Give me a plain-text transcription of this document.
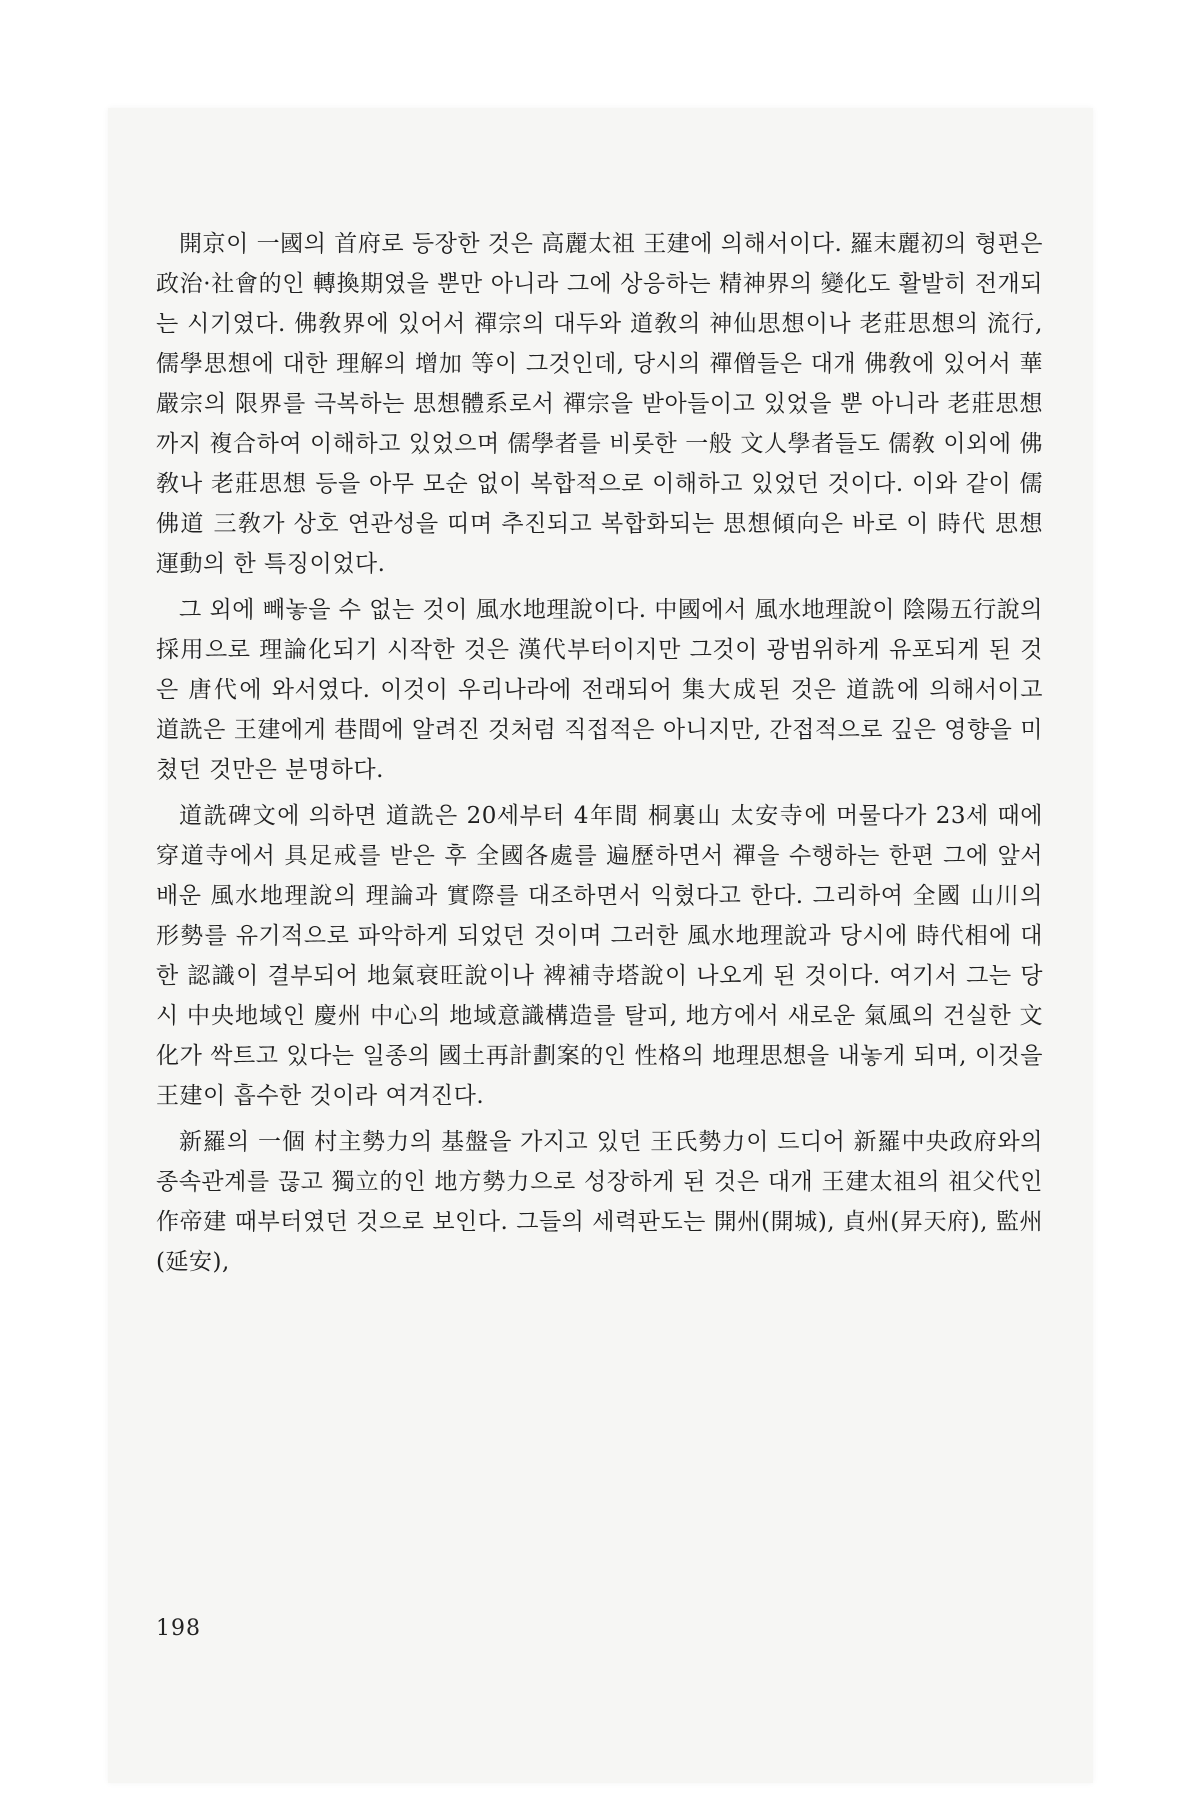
開京이 一國의 首府로 등장한 것은 高麗太祖 王建에 의해서이다. 羅末麗初의 형편은 政治·社會的인 轉換期였을 뿐만 아니라 그에 상응하는 精神界의 變化도 활발히 전개되는 시기였다. 佛敎界에 있어서 禪宗의 대두와 道敎의 神仙思想이나 老莊思想의 流行, 儒學思想에 대한 理解의 增加 等이 그것인데, 당시의 禪僧들은 대개 佛敎에 있어서 華嚴宗의 限界를 극복하는 思想體系로서 禪宗을 받아들이고 있었을 뿐 아니라 老莊思想까지 複合하여 이해하고 있었으며 儒學者를 비롯한 一般 文人學者들도 儒敎 이외에 佛敎나 老莊思想 등을 아무 모순 없이 복합적으로 이해하고 있었던 것이다. 이와 같이 儒佛道 三敎가 상호 연관성을 띠며 추진되고 복합화되는 思想傾向은 바로 이 時代 思想運動의 한 특징이었다.

그 외에 빼놓을 수 없는 것이 風水地理說이다. 中國에서 風水地理說이 陰陽五行說의 採用으로 理論化되기 시작한 것은 漢代부터이지만 그것이 광범위하게 유포되게 된 것은 唐代에 와서였다. 이것이 우리나라에 전래되어 集大成된 것은 道詵에 의해서이고 道詵은 王建에게 巷間에 알려진 것처럼 직접적은 아니지만, 간접적으로 깊은 영향을 미쳤던 것만은 분명하다.

道詵碑文에 의하면 道詵은 20세부터 4年間 桐裏山 太安寺에 머물다가 23세 때에 穿道寺에서 具足戒를 받은 후 全國各處를 遍歷하면서 禪을 수행하는 한편 그에 앞서 배운 風水地理說의 理論과 實際를 대조하면서 익혔다고 한다. 그리하여 全國 山川의 形勢를 유기적으로 파악하게 되었던 것이며 그러한 風水地理說과 당시에 時代相에 대한 認識이 결부되어 地氣衰旺說이나 裨補寺塔說이 나오게 된 것이다. 여기서 그는 당시 中央地域인 慶州 中心의 地域意識構造를 탈피, 地方에서 새로운 氣風의 건실한 文化가 싹트고 있다는 일종의 國土再計劃案的인 性格의 地理思想을 내놓게 되며, 이것을 王建이 흡수한 것이라 여겨진다.

新羅의 一個 村主勢力의 基盤을 가지고 있던 王氏勢力이 드디어 新羅中央政府와의 종속관계를 끊고 獨立的인 地方勢力으로 성장하게 된 것은 대개 王建太祖의 祖父代인 作帝建 때부터였던 것으로 보인다. 그들의 세력판도는 開州(開城), 貞州(昇天府), 監州(延安),

198
